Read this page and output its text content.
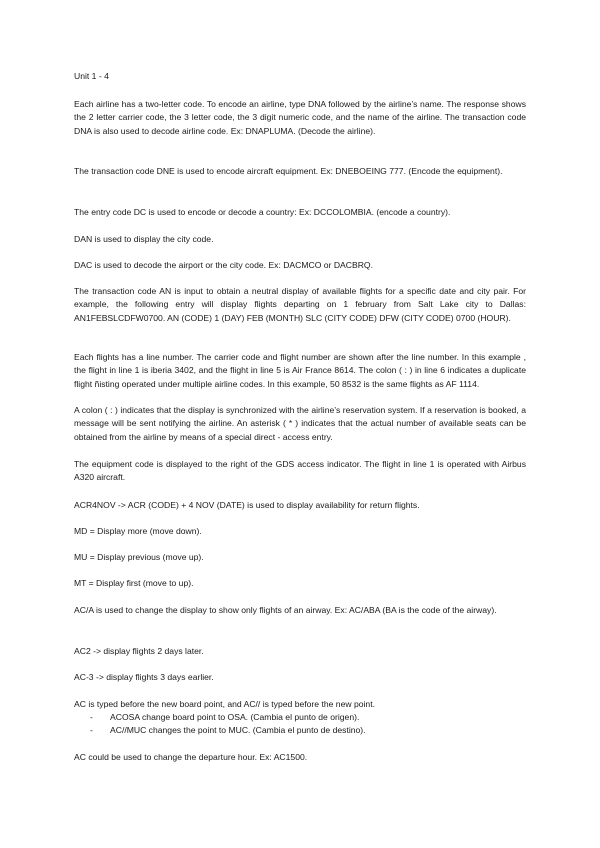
Unit 1 - 4

Each airline has a two-letter code. To encode an airline, type DNA followed by the airline’s name. The response shows the 2 letter carrier code, the 3 letter code, the 3 digit numeric code, and the name of the airline. The transaction code DNA is also used to decode airline code. Ex: DNAPLUMA. (Decode the airline).

The transaction code DNE is used to encode aircraft equipment. Ex: DNEBOEING 777. (Encode the equipment).

The entry code DC is used to encode or decode a country: Ex: DCCOLOMBIA. (encode a country).

DAN is used to display the city code.

DAC is used to decode the airport or the city code. Ex: DACMCO or DACBRQ.

The transaction code AN is input to obtain a neutral display of available flights for a specific date and city pair. For example, the following entry will display flights departing on 1 february from Salt Lake city to Dallas: AN1FEBSLCDFW0700. AN (CODE) 1 (DAY) FEB (MONTH) SLC (CITY CODE) DFW (CITY CODE) 0700 (HOUR).

Each flights has a line number. The carrier code and flight number are shown after the line number. In this example , the flight in line 1 is iberia 3402, and the flight in line 5 is Air France 8614. The colon ( : ) in line 6 indicates a duplicate flight ñisting operated under multiple airline codes. In this example, 50 8532 is the same flights as AF 1114.

A colon ( : ) indicates that the display is synchronized with the airline’s reservation system. If a reservation is booked, a message will be sent notifying the airline. An asterisk ( * ) indicates that the actual number of available seats can be obtained from the airline by means of a special direct - access entry.

The equipment code is displayed to the right of the GDS access indicator. The flight in line 1 is operated with Airbus A320 aircraft.

ACR4NOV -> ACR (CODE) + 4 NOV (DATE) is used to display availability for return flights.

MD = Display more (move down).

MU = Display previous (move up).

MT = Display first (move to up).

AC/A is used to change the display to show only flights of an airway. Ex: AC/ABA (BA is the code of the airway).

AC2 -> display flights 2 days later.

AC-3 -> display flights 3 days earlier.

AC is typed before the new board point, and AC// is typed before the new point.

- ACOSA change board point to OSA. (Cambia el punto de origen).
- AC//MUC changes the point to MUC. (Cambia el punto de destino).

AC could be used to change the departure hour. Ex: AC1500.
